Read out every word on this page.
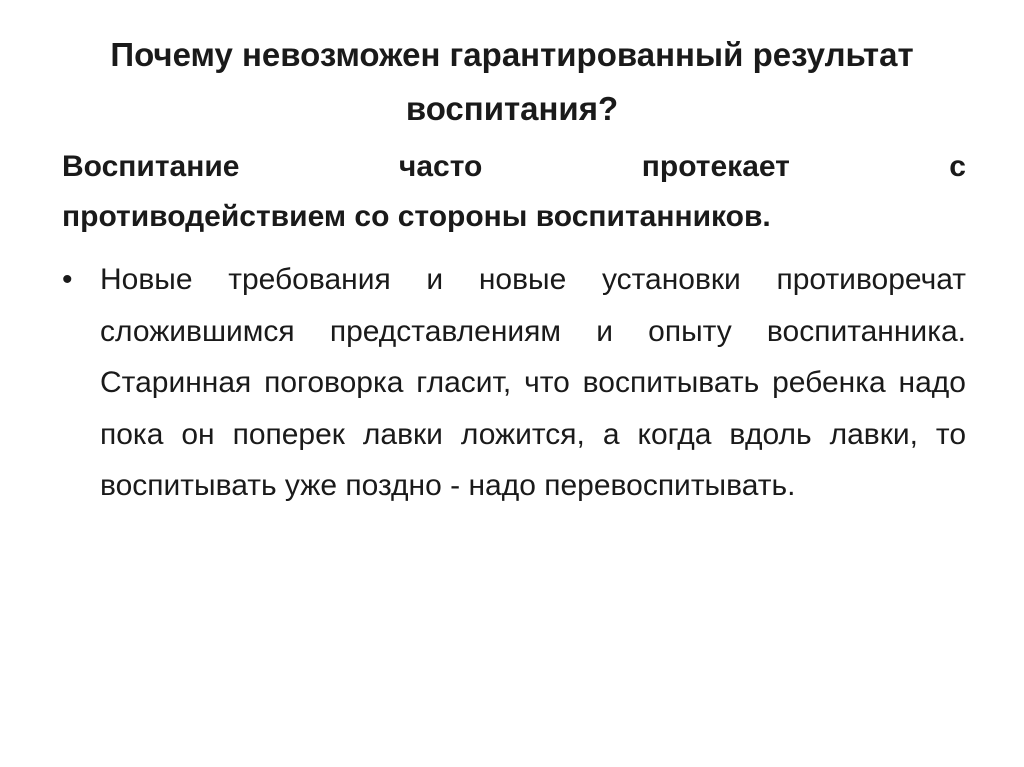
Почему невозможен гарантированный результат воспитания?

Воспитание часто протекает с
противодействием со стороны воспитанников.

• Новые требования и новые установки противоречат сложившимся представлениям и опыту воспитанника. Старинная поговорка гласит, что воспитывать ребенка надо пока он поперек лавки ложится, а когда вдоль лавки, то воспитывать уже поздно - надо перевоспитывать.
